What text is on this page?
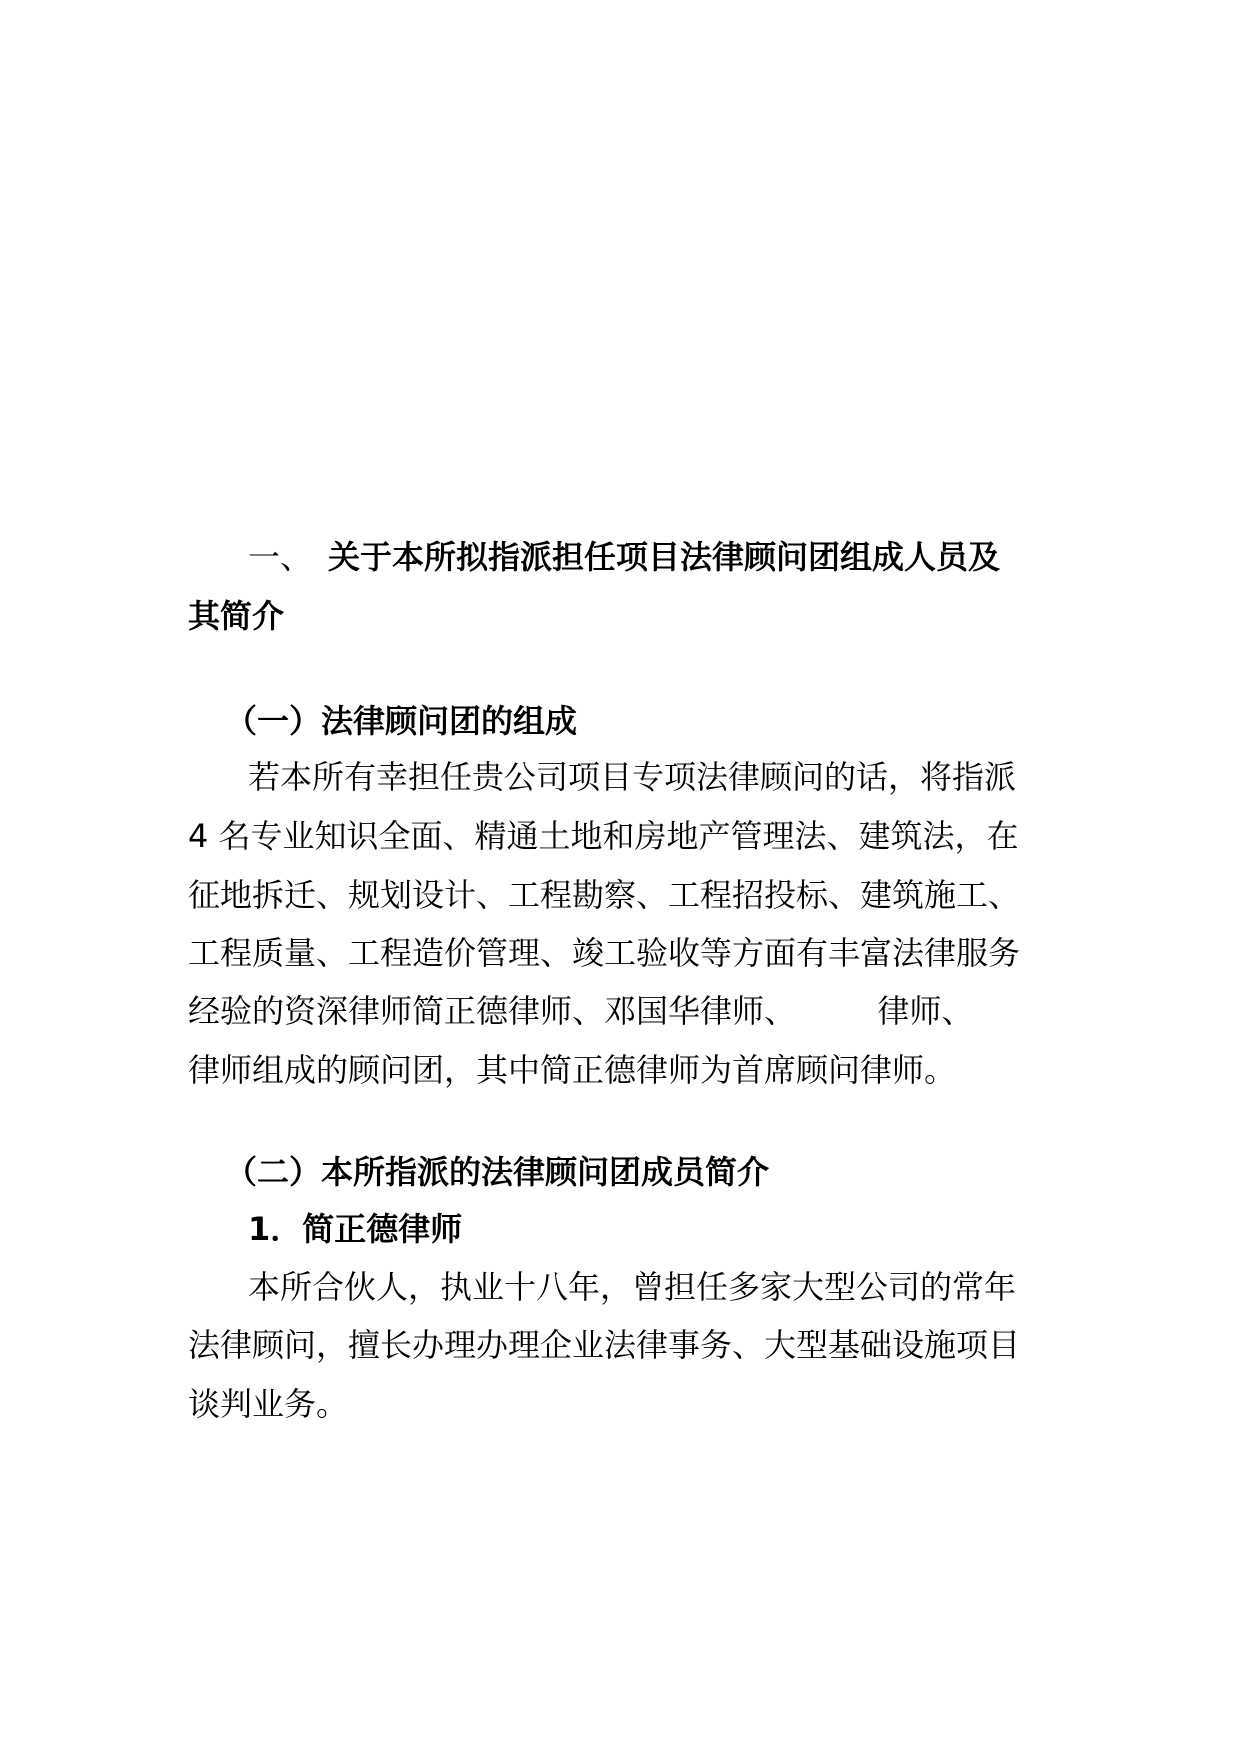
一、 关于本所拟指派担任项目法律顾问团组成人员及
其简介
（一）法律顾问团的组成
若本所有幸担任贵公司项目专项法律顾问的话，将指派
4 名专业知识全面、精通土地和房地产管理法、建筑法，在
征地拆迁、规划设计、工程勘察、工程招投标、建筑施工、
工程质量、工程造价管理、竣工验收等方面有丰富法律服务
经验的资深律师简正德律师、邓国华律师、        律师、
律师组成的顾问团，其中简正德律师为首席顾问律师。
（二）本所指派的法律顾问团成员简介
1．简正德律师
本所合伙人，执业十八年，曾担任多家大型公司的常年
法律顾问，擅长办理办理企业法律事务、大型基础设施项目
谈判业务。
